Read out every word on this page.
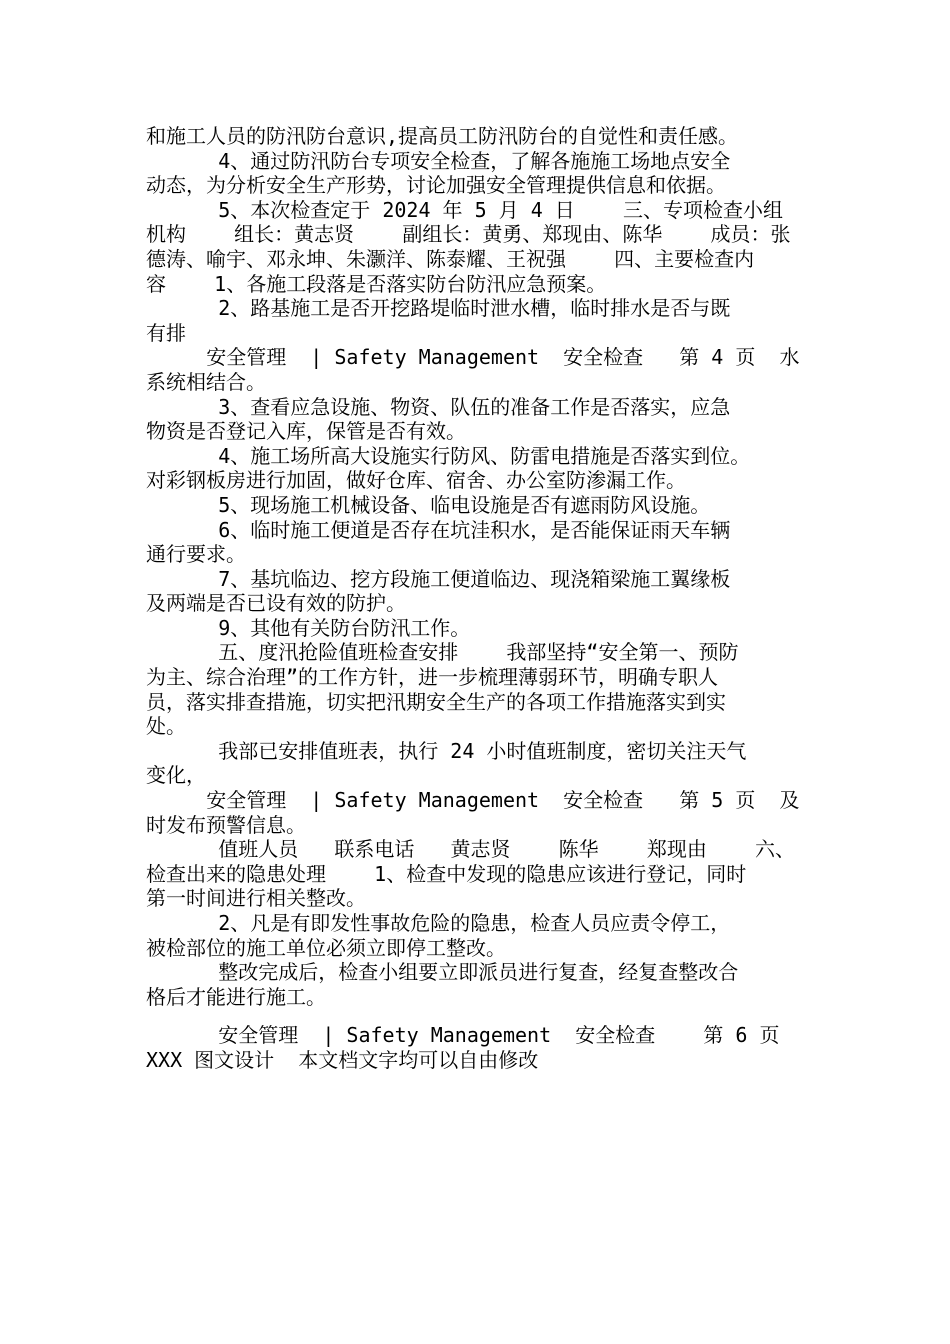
和施工人员的防汛防台意识,提高员工防汛防台的自觉性和责任感。
4、通过防汛防台专项安全检查，了解各施施工场地点安全
动态，为分析安全生产形势，讨论加强安全管理提供信息和依据。
5、本次检查定于 2024 年 5 月 4 日    三、专项检查小组
机构    组长：黄志贤    副组长：黄勇、郑现由、陈华    成员：张
德涛、喻宇、邓永坤、朱灏洋、陈泰耀、王祝强    四、主要检查内
容    1、各施工段落是否落实防台防汛应急预案。
2、路基施工是否开挖路堤临时泄水槽，临时排水是否与既
有排
安全管理  | Safety Management  安全检查   第 4 页  水
系统相结合。
3、查看应急设施、物资、队伍的准备工作是否落实，应急
物资是否登记入库，保管是否有效。
4、施工场所高大设施实行防风、防雷电措施是否落实到位。
对彩钢板房进行加固，做好仓库、宿舍、办公室防渗漏工作。
5、现场施工机械设备、临电设施是否有遮雨防风设施。
6、临时施工便道是否存在坑洼积水，是否能保证雨天车辆
通行要求。
7、基坑临边、挖方段施工便道临边、现浇箱梁施工翼缘板
及两端是否已设有效的防护。
9、其他有关防台防汛工作。
五、度汛抢险值班检查安排    我部坚持“安全第一、预防
为主、综合治理”的工作方针，进一步梳理薄弱环节，明确专职人
员，落实排查措施，切实把汛期安全生产的各项工作措施落实到实
处。
我部已安排值班表，执行 24 小时值班制度，密切关注天气
变化，
安全管理  | Safety Management  安全检查   第 5 页  及
时发布预警信息。
值班人员   联系电话   黄志贤    陈华    郑现由    六、
检查出来的隐患处理    1、检查中发现的隐患应该进行登记，同时
第一时间进行相关整改。
2、凡是有即发性事故危险的隐患，检查人员应责令停工，
被检部位的施工单位必须立即停工整改。
整改完成后，检查小组要立即派员进行复查，经复查整改合
格后才能进行施工。
安全管理  | Safety Management  安全检查    第 6 页
XXX 图文设计  本文档文字均可以自由修改
